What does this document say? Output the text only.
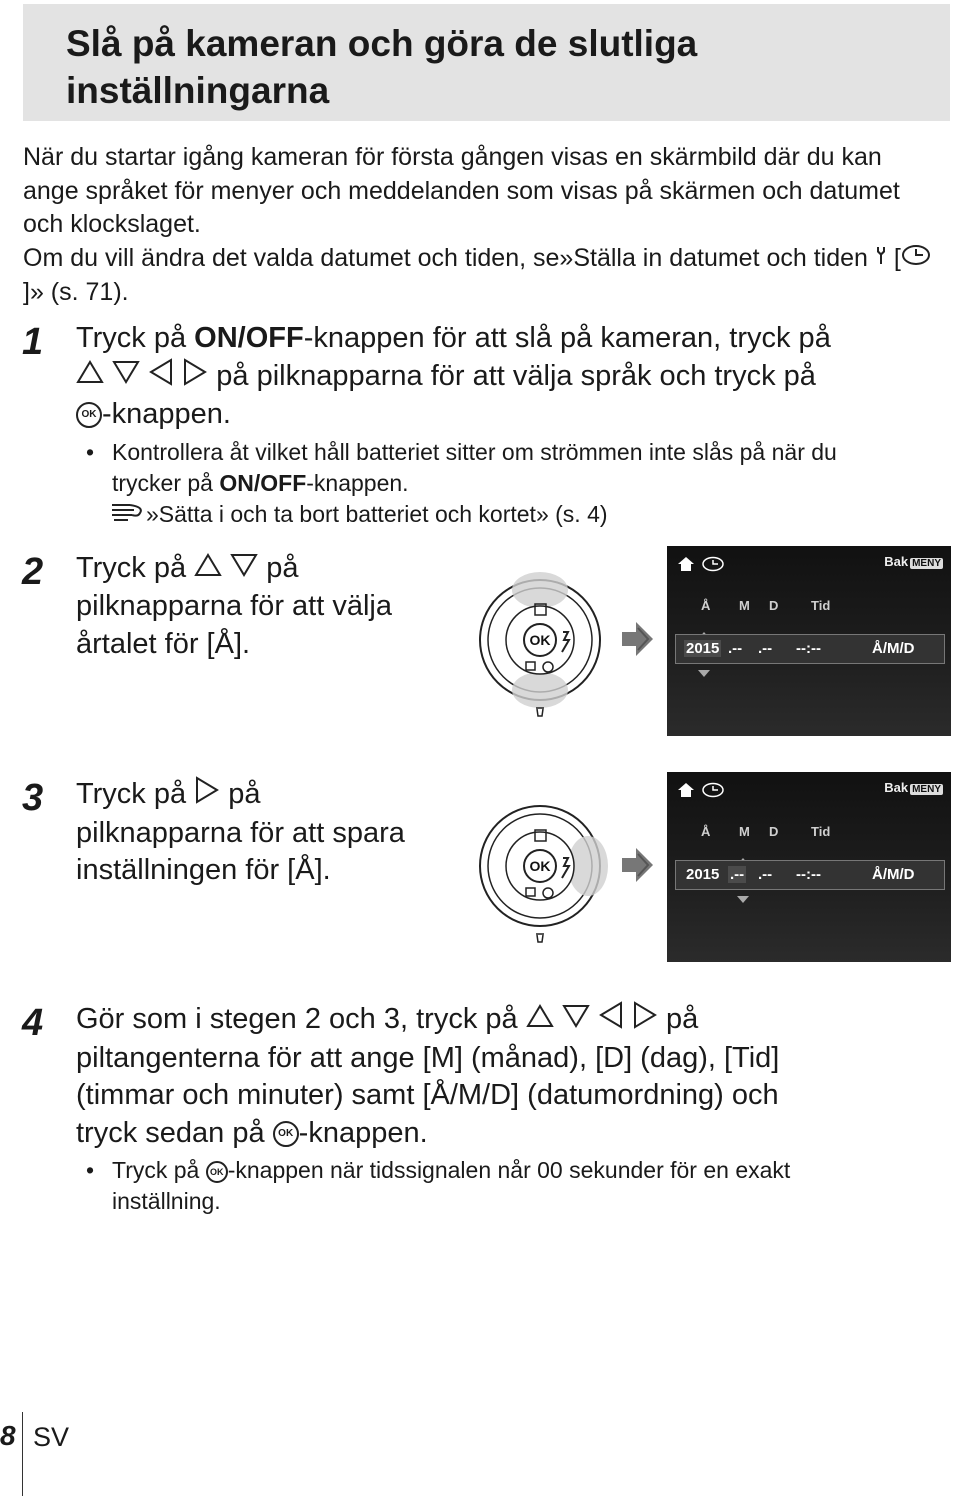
Slå på kameran och göra de slutliga inställningarna

När du startar igång kameran för första gången visas en skärmbild där du kan ange språket för menyer och meddelanden som visas på skärmen och datumet och klockslaget.

Om du vill ändra det valda datumet och tiden, se»Ställa in datumet och tiden  []» (s. 71).

1 Tryck på ON/OFF-knappen för att slå på kameran, tryck på

på pilknapparna för att välja språk och tryck på

OK -knappen.

• Kontrollera åt vilket håll batteriet sitter om strömmen inte slås på när du
trycker på ON/OFF-knappen.
»Sätta i och ta bort batteriet och kortet» (s. 4)
2 Tryck på	på

pilknapparna för att välja

årtalet för [Å].	OK
Bak MENY
Å M D	Tid
2015 .-- .-- --:--	Å/M/D
3 Tryck på på

pilknapparna för att spara

inställningen för [Å].	OK
Bak MENY
Å M D	Tid
2015 .-- .-- --:--	Å/M/D
4 Gör som i stegen 2 och 3, tryck på	på

piltangenterna för att ange [M] (månad), [D] (dag), [Tid]

(timmar och minuter) samt [Å/M/D] (datumordning) och

tryck sedan på OK -knappen.

• Tryck på OK -knappen när tidssignalen når 00 sekunder för en exakt
inställning.
8 SV
